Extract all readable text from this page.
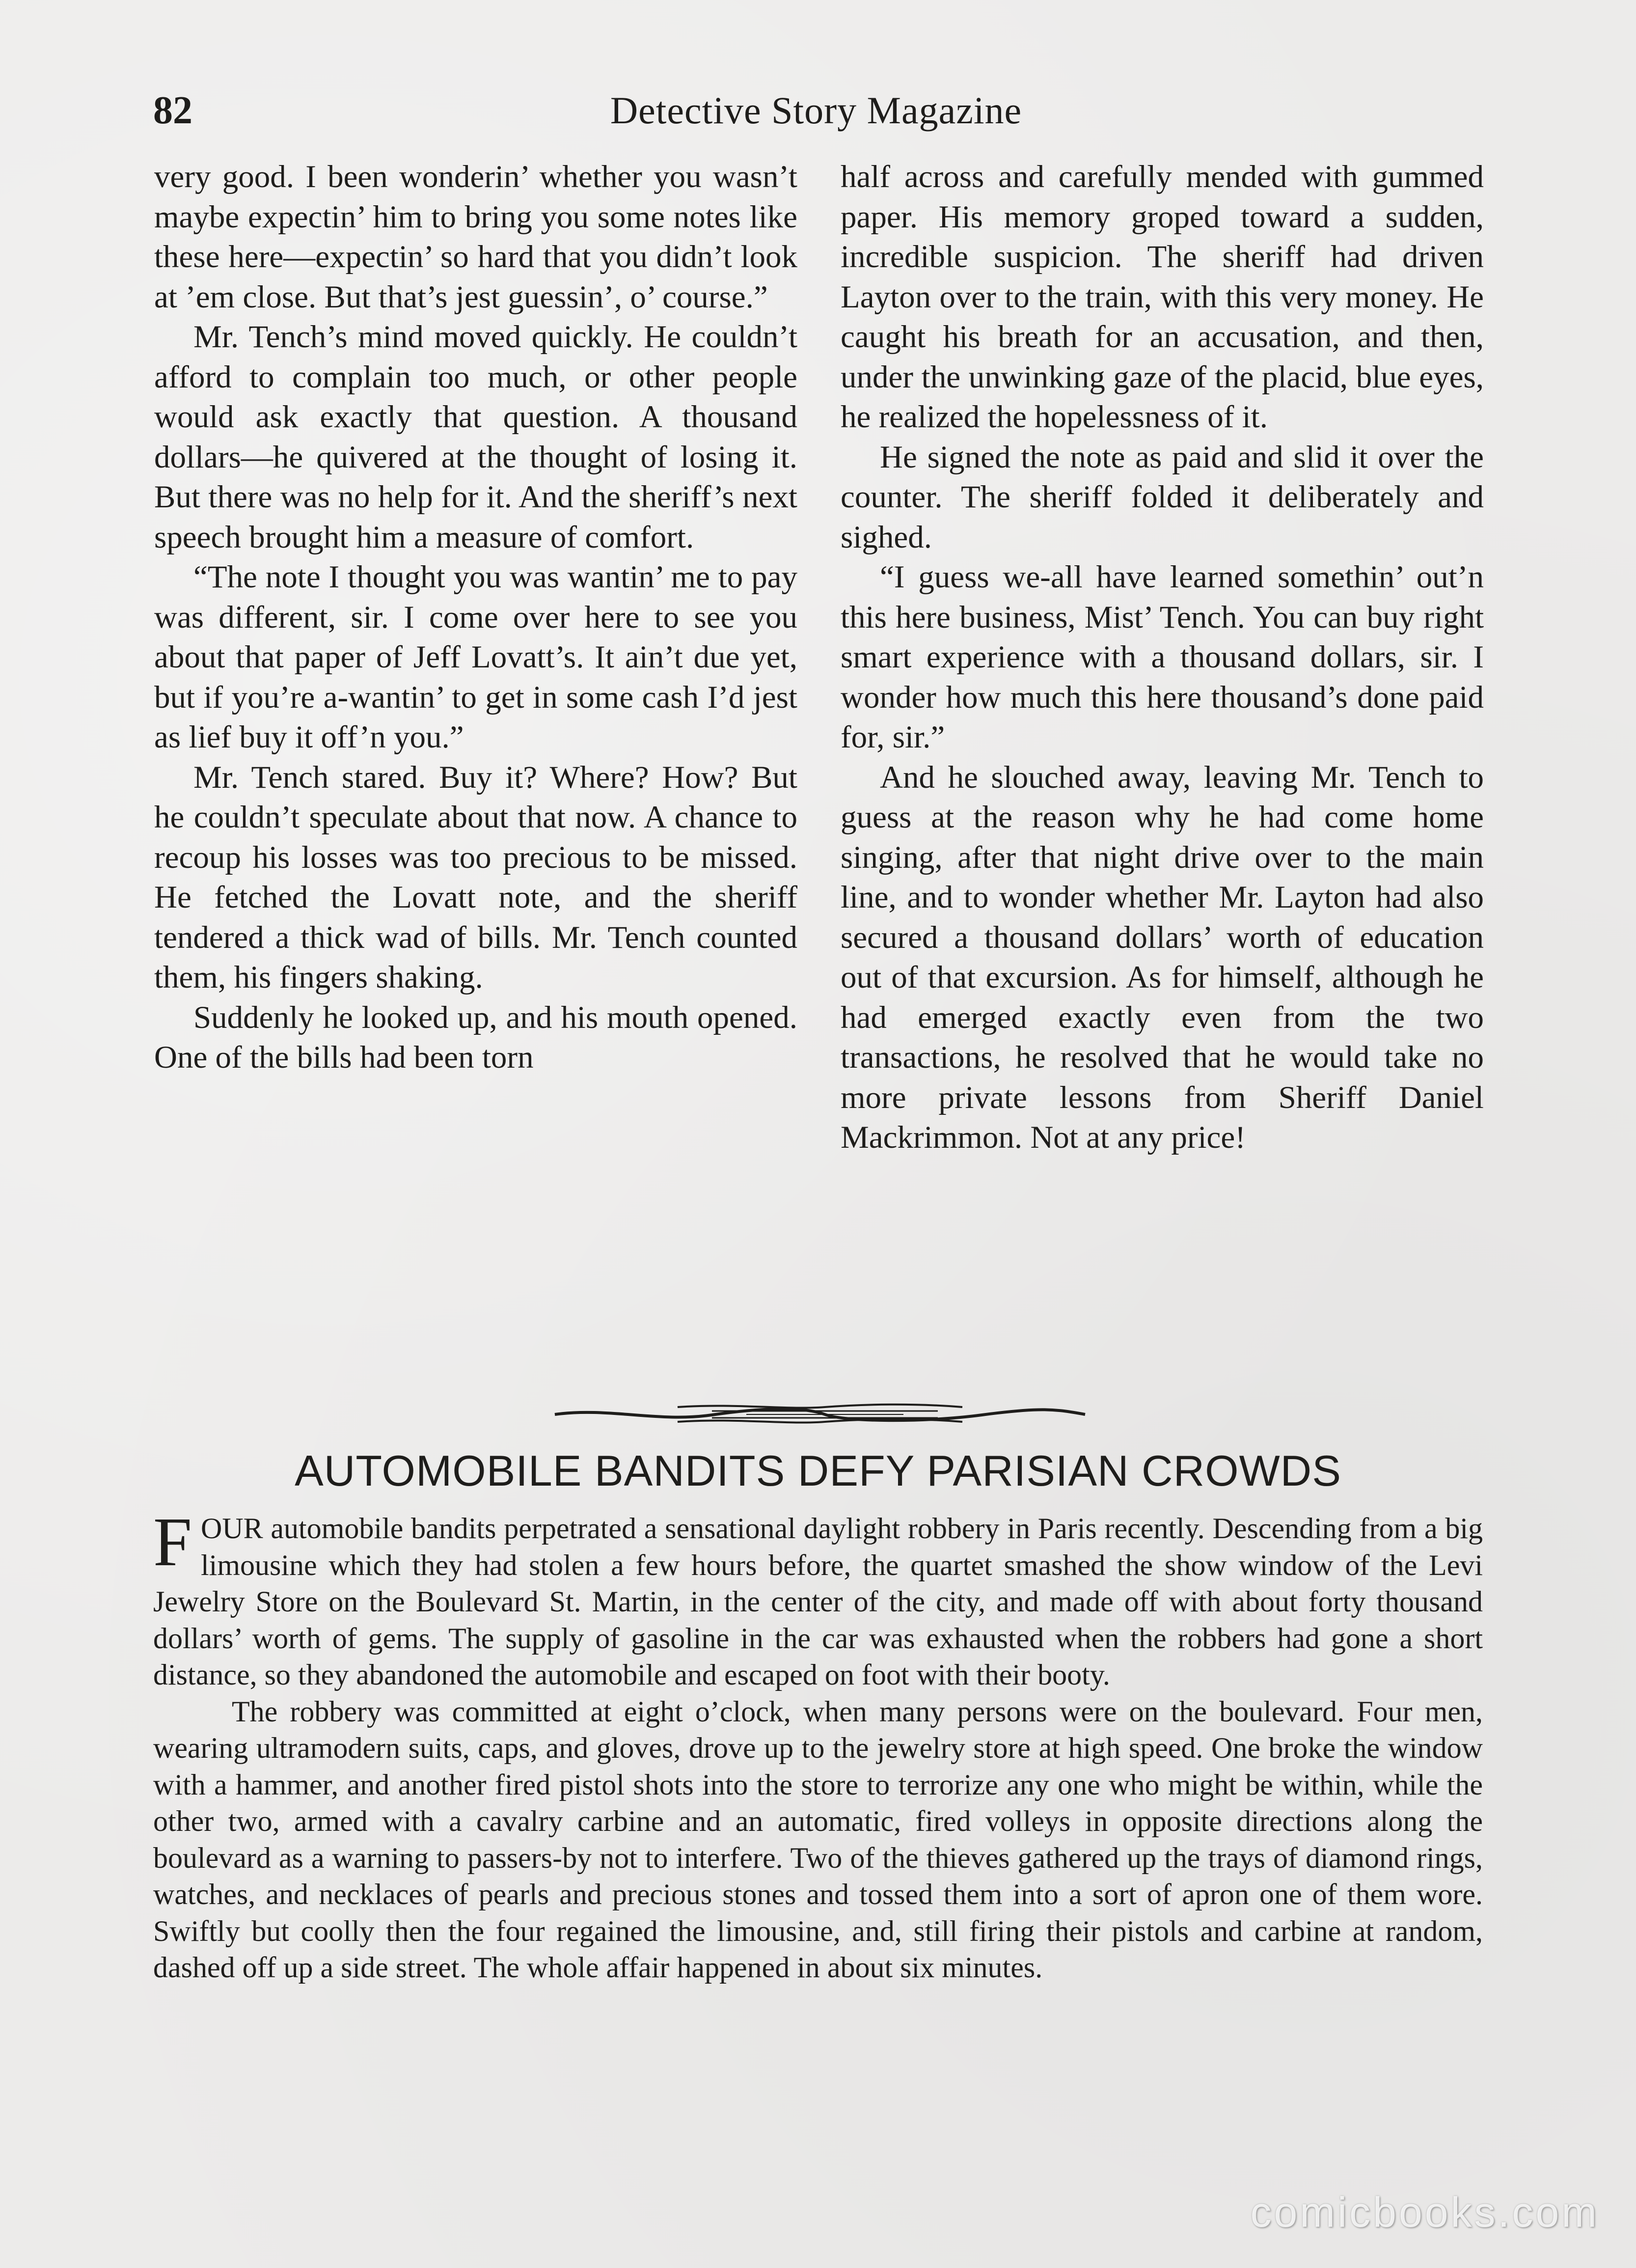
82	Detective Story Magazine

very good. I been wonderin’ whether you wasn’t maybe expectin’ him to bring you some notes like these here—expectin’ so hard that you didn’t look at ’em close. But that’s jest guessin’, o’ course.”

Mr. Tench’s mind moved quickly. He couldn’t afford to complain too much, or other people would ask exactly that question. A thousand dollars—he quivered at the thought of losing it. But there was no help for it. And the sheriff’s next speech brought him a measure of comfort.

“The note I thought you was wantin’ me to pay was different, sir. I come over here to see you about that paper of Jeff Lovatt’s. It ain’t due yet, but if you’re a-wantin’ to get in some cash I’d jest as lief buy it off’n you.”

Mr. Tench stared. Buy it? Where? How? But he couldn’t speculate about that now. A chance to recoup his losses was too precious to be missed. He fetched the Lovatt note, and the sheriff tendered a thick wad of bills. Mr. Tench counted them, his fingers shaking.

Suddenly he looked up, and his mouth opened. One of the bills had been torn

half across and carefully mended with gummed paper. His memory groped toward a sudden, incredible suspicion. The sheriff had driven Layton over to the train, with this very money. He caught his breath for an accusation, and then, under the unwinking gaze of the placid, blue eyes, he realized the hopelessness of it.

He signed the note as paid and slid it over the counter. The sheriff folded it deliberately and sighed.

“I guess we-all have learned somethin’ out’n this here business, Mist’ Tench. You can buy right smart experience with a thousand dollars, sir. I wonder how much this here thousand’s done paid for, sir.”

And he slouched away, leaving Mr. Tench to guess at the reason why he had come home singing, after that night drive over to the main line, and to wonder whether Mr. Layton had also secured a thousand dollars’ worth of education out of that excursion. As for himself, although he had emerged exactly even from the two transactions, he resolved that he would take no more private lessons from Sheriff Daniel Mackrimmon. Not at any price!

AUTOMOBILE BANDITS DEFY PARISIAN CROWDS

FOUR automobile bandits perpetrated a sensational daylight robbery in Paris recently. Descending from a big limousine which they had stolen a few hours before, the quartet smashed the show window of the Levi Jewelry Store on the Boulevard St. Martin, in the center of the city, and made off with about forty thousand dollars’ worth of gems. The supply of gasoline in the car was exhausted when the robbers had gone a short distance, so they abandoned the automobile and escaped on foot with their booty.

The robbery was committed at eight o’clock, when many persons were on the boulevard. Four men, wearing ultramodern suits, caps, and gloves, drove up to the jewelry store at high speed. One broke the window with a hammer, and another fired pistol shots into the store to terrorize any one who might be within, while the other two, armed with a cavalry carbine and an automatic, fired volleys in opposite directions along the boulevard as a warning to passers-by not to interfere. Two of the thieves gathered up the trays of diamond rings, watches, and necklaces of pearls and precious stones and tossed them into a sort of apron one of them wore. Swiftly but coolly then the four regained the limousine, and, still firing their pistols and carbine at random, dashed off up a side street. The whole affair happened in about six minutes.

comicbooks.com
